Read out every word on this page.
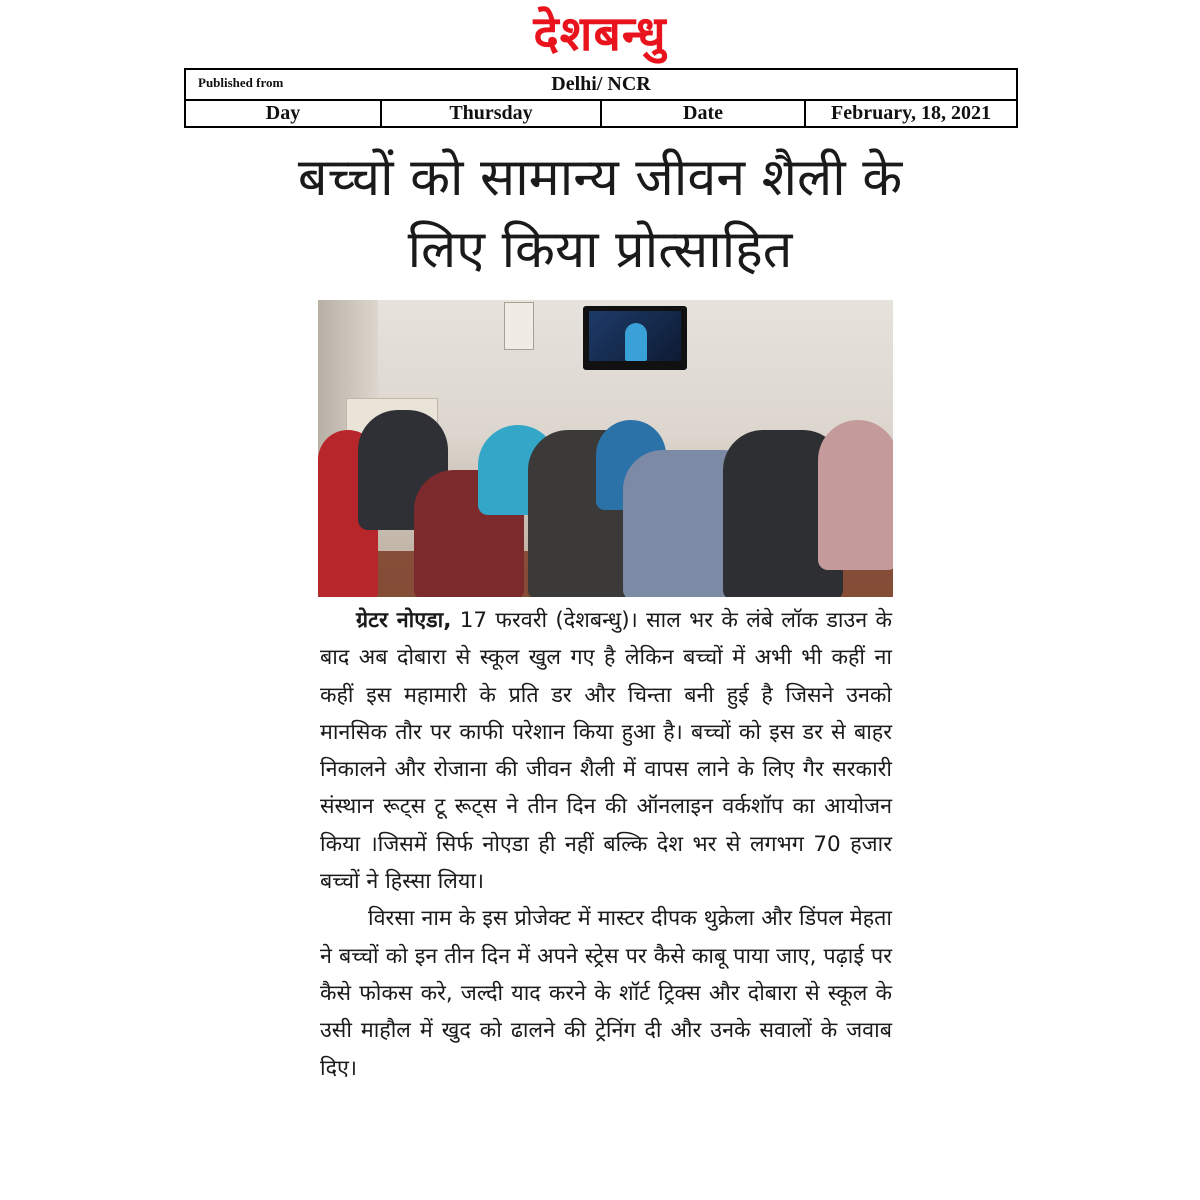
देशबन्धु
Published from	Delhi/ NCR
Day	Thursday	Date	February, 18, 2021
बच्चों को सामान्य जीवन शैली के
लिए किया प्रोत्साहित

ग्रेटर नोएडा, 17 फरवरी (देशबन्धु)। साल भर के लंबे लॉक डाउन के बाद अब दोबारा से स्कूल खुल गए है लेकिन बच्चों में अभी भी कहीं ना कहीं इस महामारी के प्रति डर और चिन्ता बनी हुई है जिसने उनको मानसिक तौर पर काफी परेशान किया हुआ है। बच्चों को इस डर से बाहर निकालने और रोजाना की जीवन शैली में वापस लाने के लिए गैर सरकारी संस्थान रूट्स टू रूट्स ने तीन दिन की ऑनलाइन वर्कशॉप का आयोजन किया ।जिसमें सिर्फ नोएडा ही नहीं बल्कि देश भर से लगभग 70 हजार बच्चों ने हिस्सा लिया।

विरसा नाम के इस प्रोजेक्ट में मास्टर दीपक थुक्रेला और डिंपल मेहता ने बच्चों को इन तीन दिन में अपने स्ट्रेस पर कैसे काबू पाया जाए, पढ़ाई पर कैसे फोकस करे, जल्दी याद करने के शॉर्ट ट्रिक्स और दोबारा से स्कूल के उसी माहौल में खुद को ढालने की ट्रेनिंग दी और उनके सवालों के जवाब दिए।
